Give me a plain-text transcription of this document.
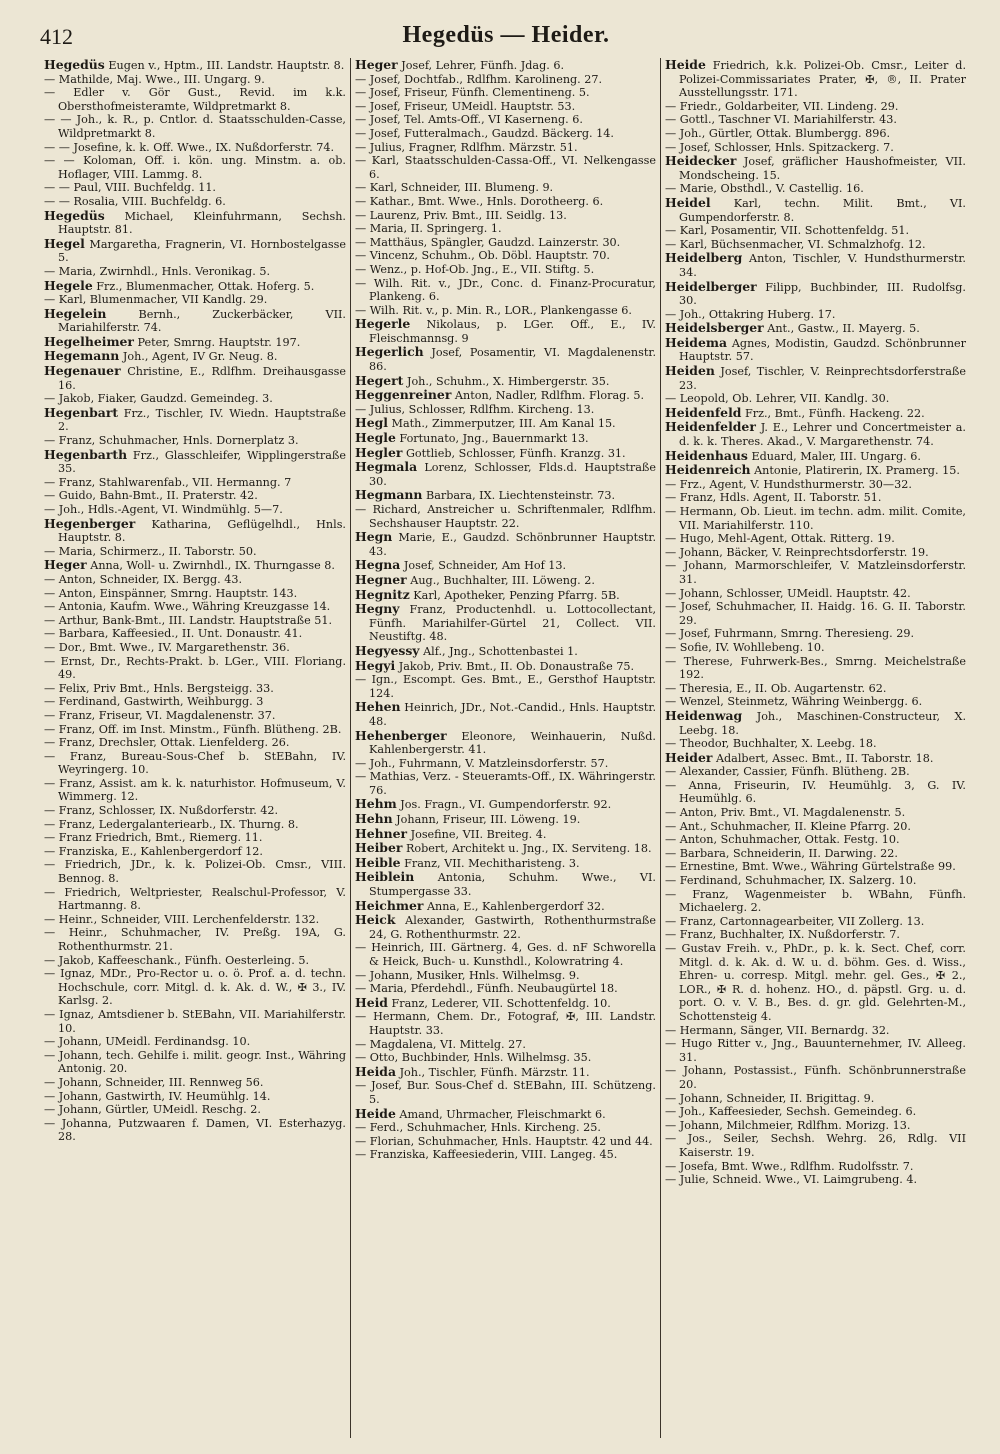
412	Hegedüs — Heider.

Hegedüs Eugen v., Hptm., III. Landstr. Hauptstr. 8.

— Mathilde, Maj. Wwe., III. Ungarg. 9.

— Edler v. Gör Gust., Revid. im k.k. Obersthofmeisteramte, Wildpretmarkt 8.

— — Joh., k. R., p. Cntlor. d. Staatsschulden-Casse, Wildpretmarkt 8.

— — Josefine, k. k. Off. Wwe., IX. Nußdorferstr. 74.

— — Koloman, Off. i. kön. ung. Minstm. a. ob. Hoflager, VIII. Lammg. 8.

— — Paul, VIII. Buchfeldg. 11.

— — Rosalia, VIII. Buchfeldg. 6.

Hegedüs Michael, Kleinfuhrmann, Sechsh. Hauptstr. 81.

Hegel Margaretha, Fragnerin, VI. Hornbostelgasse 5.

— Maria, Zwirnhdl., Hnls. Veronikag. 5.

Hegele Frz., Blumenmacher, Ottak. Hoferg. 5.

— Karl, Blumenmacher, VII Kandlg. 29.

Hegelein	Bernh., Zuckerbäcker, VII. Mariahilferstr. 74.

Hegelheimer Peter, Smrng. Hauptstr. 197.

Hegemann Joh., Agent, IV Gr. Neug. 8.

Hegenauer Christine, E., Rdlfhm. Dreihausgasse 16.

— Jakob, Fiaker, Gaudzd. Gemeindeg. 3.

Hegenbart Frz., Tischler, IV. Wiedn. Hauptstraße 2.

— Franz, Schuhmacher, Hnls. Dornerplatz 3.

Hegenbarth Frz., Glasschleifer, Wipplingerstraße 35.

— Franz, Stahlwarenfab., VII. Hermanng. 7

— Guido, Bahn-Bmt., II. Praterstr. 42.

— Joh., Hdls.-Agent, VI. Windmühlg. 5—7.

Hegenberger Katharina, Geflügelhdl., Hnls. Hauptstr. 8.

— Maria, Schirmerz., II. Taborstr. 50.

Heger Anna, Woll- u. Zwirnhdl., IX. Thurngasse 8.

— Anton, Schneider, IX. Bergg. 43.

— Anton, Einspänner, Smrng. Hauptstr. 143.

— Antonia, Kaufm. Wwe., Währing Kreuzgasse 14.

— Arthur, Bank-Bmt., III. Landstr. Hauptstraße 51.

— Barbara, Kaffeesied., II. Unt. Donaustr. 41.

— Dor., Bmt. Wwe., IV. Margarethenstr. 36.

— Ernst, Dr., Rechts-Prakt. b. LGer., VIII. Floriang. 49.

— Felix, Priv Bmt., Hnls. Bergsteigg. 33.

— Ferdinand, Gastwirth, Weihburgg. 3

— Franz, Friseur, VI. Magdalenenstr. 37.

— Franz, Off. im Inst. Minstm., Fünfh. Blütheng. 2B.

— Franz, Drechsler, Ottak. Lienfelderg. 26.

— Franz, Bureau-Sous-Chef b. StEBahn, IV. Weyringerg. 10.

— Franz, Assist. am k. k. naturhistor. Hofmuseum, V. Wimmerg. 12.

— Franz, Schlosser, IX. Nußdorferstr. 42.

— Franz, Ledergalanteriearb., IX. Thurng. 8.

— Franz Friedrich, Bmt., Riemerg. 11.

— Franziska, E., Kahlenbergerdorf 12.

— Friedrich, JDr., k. k. Polizei-Ob. Cmsr., VIII. Bennog. 8.

— Friedrich, Weltpriester, Realschul-Professor, V. Hartmanng. 8.

— Heinr., Schneider, VIII. Lerchenfelderstr. 132.

— Heinr., Schuhmacher, IV. Preßg. 19A, G. Rothenthurmstr. 21.

— Jakob, Kaffeeschank., Fünfh. Oesterleing. 5.

— Ignaz, MDr., Pro-Rector u. o. ö. Prof. a. d. techn. Hochschule, corr. Mitgl. d. k. Ak. d. W., ✠ 3., IV. Karlsg. 2.

— Ignaz, Amtsdiener b. StEBahn, VII. Mariahilferstr. 10.

— Johann, UMeidl. Ferdinandsg. 10.

— Johann, tech. Gehilfe i. milit. geogr. Inst., Währing Antonig. 20.

— Johann, Schneider, III. Rennweg 56.

— Johann, Gastwirth, IV. Heumühlg. 14.

— Johann, Gürtler, UMeidl. Reschg. 2.

— Johanna, Putzwaaren f. Damen, VI. Esterhazyg. 28.

Heger Josef, Lehrer, Fünfh. Jdag. 6.

— Josef, Dochtfab., Rdlfhm. Karolineng. 27.

— Josef, Friseur, Fünfh. Clementineng. 5.

— Josef, Friseur, UMeidl. Hauptstr. 53.

— Josef, Tel. Amts-Off., VI Kaserneng. 6.

— Josef, Futteralmach., Gaudzd. Bäckerg. 14.

— Julius, Fragner, Rdlfhm. Märzstr. 51.

— Karl, Staatsschulden-Cassa-Off., VI. Nelkengasse 6.

— Karl, Schneider, III. Blumeng. 9.

— Kathar., Bmt. Wwe., Hnls. Dorotheerg. 6.

— Laurenz, Priv. Bmt., III. Seidlg. 13.

— Maria, II. Springerg. 1.

— Matthäus, Spängler, Gaudzd. Lainzerstr. 30.

— Vincenz, Schuhm., Ob. Döbl. Hauptstr. 70.

— Wenz., p. Hof-Ob. Jng., E., VII. Stiftg. 5.

— Wilh. Rit. v., JDr., Conc. d. Finanz-Procuratur, Plankeng. 6.

— Wilh. Rit. v., p. Min. R., LOR., Plankengasse 6.

Hegerle Nikolaus, p. LGer. Off., E., IV. Fleischmannsg. 9

Hegerlich Josef, Posamentir, VI. Magdalenenstr. 86.

Hegert Joh., Schuhm., X. Himbergerstr. 35.

Heggenreiner Anton, Nadler, Rdlfhm. Florag. 5.

— Julius, Schlosser, Rdlfhm. Kircheng. 13.

Hegl Math., Zimmerputzer, III. Am Kanal 15.

Hegle Fortunato, Jng., Bauernmarkt 13.

Hegler Gottlieb, Schlosser, Fünfh. Kranzg. 31.

Hegmala Lorenz, Schlosser, Flds.d. Hauptstraße 30.

Hegmann Barbara, IX. Liechtensteinstr. 73.

— Richard, Anstreicher u. Schriftenmaler, Rdlfhm. Sechshauser Hauptstr. 22.

Hegn Marie, E., Gaudzd. Schönbrunner Hauptstr. 43.

Hegna Josef, Schneider, Am Hof 13.

Hegner Aug., Buchhalter, III. Löweng. 2.

Hegnitz Karl, Apotheker, Penzing Pfarrg. 5B.

Hegny Franz, Productenhdl. u. Lottocollectant, Fünfh. Mariahilfer-Gürtel 21, Collect. VII. Neustiftg. 48.

Hegyessy Alf., Jng., Schottenbastei 1.

Hegyi Jakob, Priv. Bmt., II. Ob. Donaustraße 75.

— Ign., Escompt. Ges. Bmt., E., Gersthof Hauptstr. 124.

Hehen Heinrich, JDr., Not.-Candid., Hnls. Hauptstr. 48.

Hehenberger Eleonore, Weinhauerin, Nußd. Kahlenbergerstr. 41.

— Joh., Fuhrmann, V. Matzleinsdorferstr. 57.

— Mathias, Verz. - Steueramts-Off., IX. Währingerstr. 76.

Hehm Jos. Fragn., VI. Gumpendorferstr. 92.

Hehn Johann, Friseur, III. Löweng. 19.

Hehner Josefine, VII. Breiteg. 4.

Heiber Robert, Architekt u. Jng., IX. Serviteng. 18.

Heible Franz, VII. Mechitharisteng. 3.

Heiblein Antonia, Schuhm. Wwe., VI. Stumpergasse 33.

Heichmer Anna, E., Kahlenbergerdorf 32.

Heick Alexander, Gastwirth, Rothenthurmstraße 24, G. Rothenthurmstr. 22.

— Heinrich, III. Gärtnerg. 4, Ges. d. nF Schworella & Heick, Buch- u. Kunsthdl., Kolowratring 4.

— Johann, Musiker, Hnls. Wilhelmsg. 9.

— Maria, Pferdehdl., Fünfh. Neubaugürtel 18.

Heid Franz, Lederer, VII. Schottenfeldg. 10.

— Hermann, Chem. Dr., Fotograf, ✠, III. Landstr. Hauptstr. 33.

— Magdalena, VI. Mittelg. 27.

— Otto, Buchbinder, Hnls. Wilhelmsg. 35.

Heida Joh., Tischler, Fünfh. Märzstr. 11.

— Josef, Bur. Sous-Chef d. StEBahn, III. Schützeng. 5.

Heide Amand, Uhrmacher, Fleischmarkt 6.

— Ferd., Schuhmacher, Hnls. Kircheng. 25.

— Florian, Schuhmacher, Hnls. Hauptstr. 42 und 44.

— Franziska, Kaffeesiederin, VIII. Langeg. 45.

Heide Friedrich, k.k. Polizei-Ob. Cmsr., Leiter d. Polizei-Commissariates Prater, ✠, ®, II. Prater Ausstellungsstr. 171.

— Friedr., Goldarbeiter, VII. Lindeng. 29.

— Gottl., Taschner VI. Mariahilferstr. 43.

— Joh., Gürtler, Ottak. Blumbergg. 896.

— Josef, Schlosser, Hnls. Spitzackerg. 7.

Heidecker Josef, gräflicher Haushofmeister, VII. Mondscheing. 15.

— Marie, Obsthdl., V. Castellig. 16.

Heidel Karl, techn. Milit. Bmt., VI. Gumpendorferstr. 8.

— Karl, Posamentir, VII. Schottenfeldg. 51.

— Karl, Büchsenmacher, VI. Schmalzhofg. 12.

Heidelberg Anton, Tischler, V. Hundsthurmerstr. 34.

Heidelberger Filipp, Buchbinder, III. Rudolfsg. 30.

— Joh., Ottakring Huberg. 17.

Heidelsberger Ant., Gastw., II. Mayerg. 5.

Heidema Agnes, Modistin, Gaudzd. Schönbrunner Hauptstr. 57.

Heiden Josef, Tischler, V. Reinprechtsdorferstraße 23.

— Leopold, Ob. Lehrer, VII. Kandlg. 30.

Heidenfeld Frz., Bmt., Fünfh. Hackeng. 22.

Heidenfelder J. E., Lehrer und Concertmeister a. d. k. k. Theres. Akad., V. Margarethenstr. 74.

Heidenhaus Eduard, Maler, III. Ungarg. 6.

Heidenreich Antonie, Platirerin, IX. Pramerg. 15.

— Frz., Agent, V. Hundsthurmerstr. 30—32.

— Franz, Hdls. Agent, II. Taborstr. 51.

— Hermann, Ob. Lieut. im techn. adm. milit. Comite, VII. Mariahilferstr. 110.

— Hugo, Mehl-Agent, Ottak. Ritterg. 19.

— Johann, Bäcker, V. Reinprechtsdorferstr. 19.

— Johann, Marmorschleifer, V. Matzleinsdorferstr. 31.

— Johann, Schlosser, UMeidl. Hauptstr. 42.

— Josef, Schuhmacher, II. Haidg. 16. G. II. Taborstr. 29.

— Josef, Fuhrmann, Smrng. Theresieng. 29.

— Sofie, IV. Wohllebeng. 10.

— Therese, Fuhrwerk-Bes., Smrng. Meichelstraße 192.

— Theresia, E., II. Ob. Augartenstr. 62.

— Wenzel, Steinmetz, Währing Weinbergg. 6.

Heidenwag Joh., Maschinen-Constructeur, X. Leebg. 18.

— Theodor, Buchhalter, X. Leebg. 18.

Heider Adalbert, Assec. Bmt., II. Taborstr. 18.

— Alexander, Cassier, Fünfh. Blütheng. 2B.

— Anna, Friseurin, IV. Heumühlg. 3, G. IV. Heumühlg. 6.

— Anton, Priv. Bmt., VI. Magdalenenstr. 5.

— Ant., Schuhmacher, II. Kleine Pfarrg. 20.

— Anton, Schuhmacher, Ottak. Festg. 10.

— Barbara, Schneiderin, II. Darwing. 22.

— Ernestine, Bmt. Wwe., Währing Gürtelstraße 99.

— Ferdinand, Schuhmacher, IX. Salzerg. 10.

— Franz, Wagenmeister b. WBahn, Fünfh. Michaelerg. 2.

— Franz, Cartonnagearbeiter, VII Zollerg. 13.

— Franz, Buchhalter, IX. Nußdorferstr. 7.

— Gustav Freih. v., PhDr., p. k. k. Sect. Chef, corr. Mitgl. d. k. Ak. d. W. u. d. böhm. Ges. d. Wiss., Ehren- u. corresp. Mitgl. mehr. gel. Ges., ✠ 2., LOR., ✠ R. d. hohenz. HO., d. päpstl. Grg. u. d. port. O. v. V. B., Bes. d. gr. gld. Gelehrten-M., Schottensteig 4.

— Hermann, Sänger, VII. Bernardg. 32.

— Hugo Ritter v., Jng., Bauunternehmer, IV. Alleeg. 31.

— Johann, Postassist., Fünfh. Schönbrunnerstraße 20.

— Johann, Schneider, II. Brigittag. 9.

— Joh., Kaffeesieder, Sechsh. Gemeindeg. 6.

— Johann, Milchmeier, Rdlfhm. Morizg. 13.

— Jos., Seiler, Sechsh. Wehrg. 26, Rdlg. VII Kaiserstr. 19.

— Josefa, Bmt. Wwe., Rdlfhm. Rudolfsstr. 7.

— Julie, Schneid. Wwe., VI. Laimgrubeng. 4.
